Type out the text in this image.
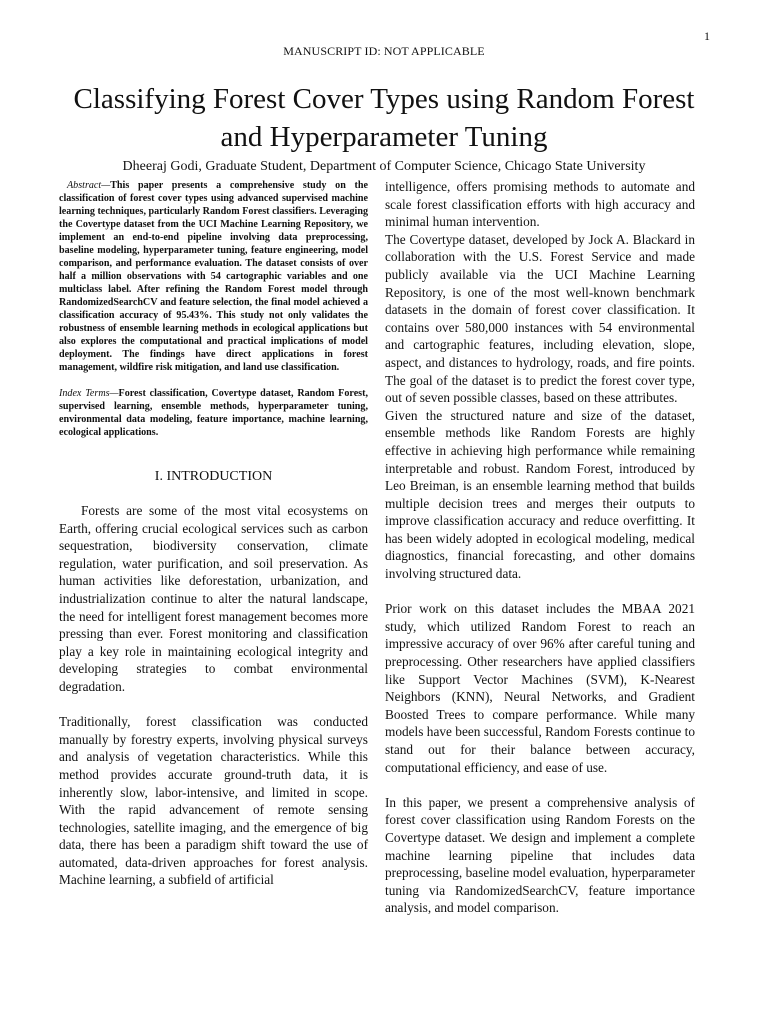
1
MANUSCRIPT ID: NOT APPLICABLE
Classifying Forest Cover Types using Random Forest and Hyperparameter Tuning
Dheeraj Godi, Graduate Student, Department of Computer Science, Chicago State University

Abstract—This paper presents a comprehensive study on the classification of forest cover types using advanced supervised machine learning techniques, particularly Random Forest classifiers. Leveraging the Covertype dataset from the UCI Machine Learning Repository, we implement an end-to-end pipeline involving data preprocessing, baseline modeling, hyperparameter tuning, feature engineering, model comparison, and performance evaluation. The dataset consists of over half a million observations with 54 cartographic variables and one multiclass label. After refining the Random Forest model through RandomizedSearchCV and feature selection, the final model achieved a classification accuracy of 95.43%. This study not only validates the robustness of ensemble learning methods in ecological applications but also explores the computational and practical implications of model deployment. The findings have direct applications in forest management, wildfire risk mitigation, and land use classification.

Index Terms—Forest classification, Covertype dataset, Random Forest, supervised learning, ensemble methods, hyperparameter tuning, environmental data modeling, feature importance, machine learning, ecological applications.

I. INTRODUCTION

Forests are some of the most vital ecosystems on Earth, offering crucial ecological services such as carbon sequestration, biodiversity conservation, climate regulation, water purification, and soil preservation. As human activities like deforestation, urbanization, and industrialization continue to alter the natural landscape, the need for intelligent forest management becomes more pressing than ever. Forest monitoring and classification play a key role in maintaining ecological integrity and developing strategies to combat environmental degradation.

Traditionally, forest classification was conducted manually by forestry experts, involving physical surveys and analysis of vegetation characteristics. While this method provides accurate ground-truth data, it is inherently slow, labor-intensive, and limited in scope. With the rapid advancement of remote sensing technologies, satellite imaging, and the emergence of big data, there has been a paradigm shift toward the use of automated, data-driven approaches for forest analysis. Machine learning, a subfield of artificial

intelligence, offers promising methods to automate and scale forest classification efforts with high accuracy and minimal human intervention.

The Covertype dataset, developed by Jock A. Blackard in collaboration with the U.S. Forest Service and made publicly available via the UCI Machine Learning Repository, is one of the most well-known benchmark datasets in the domain of forest cover classification. It contains over 580,000 instances with 54 environmental and cartographic features, including elevation, slope, aspect, and distances to hydrology, roads, and fire points. The goal of the dataset is to predict the forest cover type, out of seven possible classes, based on these attributes.

Given the structured nature and size of the dataset, ensemble methods like Random Forests are highly effective in achieving high performance while remaining interpretable and robust. Random Forest, introduced by Leo Breiman, is an ensemble learning method that builds multiple decision trees and merges their outputs to improve classification accuracy and reduce overfitting. It has been widely adopted in ecological modeling, medical diagnostics, financial forecasting, and other domains involving structured data.

Prior work on this dataset includes the MBAA 2021 study, which utilized Random Forest to reach an impressive accuracy of over 96% after careful tuning and preprocessing. Other researchers have applied classifiers like Support Vector Machines (SVM), K-Nearest Neighbors (KNN), Neural Networks, and Gradient Boosted Trees to compare performance. While many models have been successful, Random Forests continue to stand out for their balance between accuracy, computational efficiency, and ease of use.

In this paper, we present a comprehensive analysis of forest cover classification using Random Forests on the Covertype dataset. We design and implement a complete machine learning pipeline that includes data preprocessing, baseline model evaluation, hyperparameter tuning via RandomizedSearchCV, feature importance analysis, and model comparison.
